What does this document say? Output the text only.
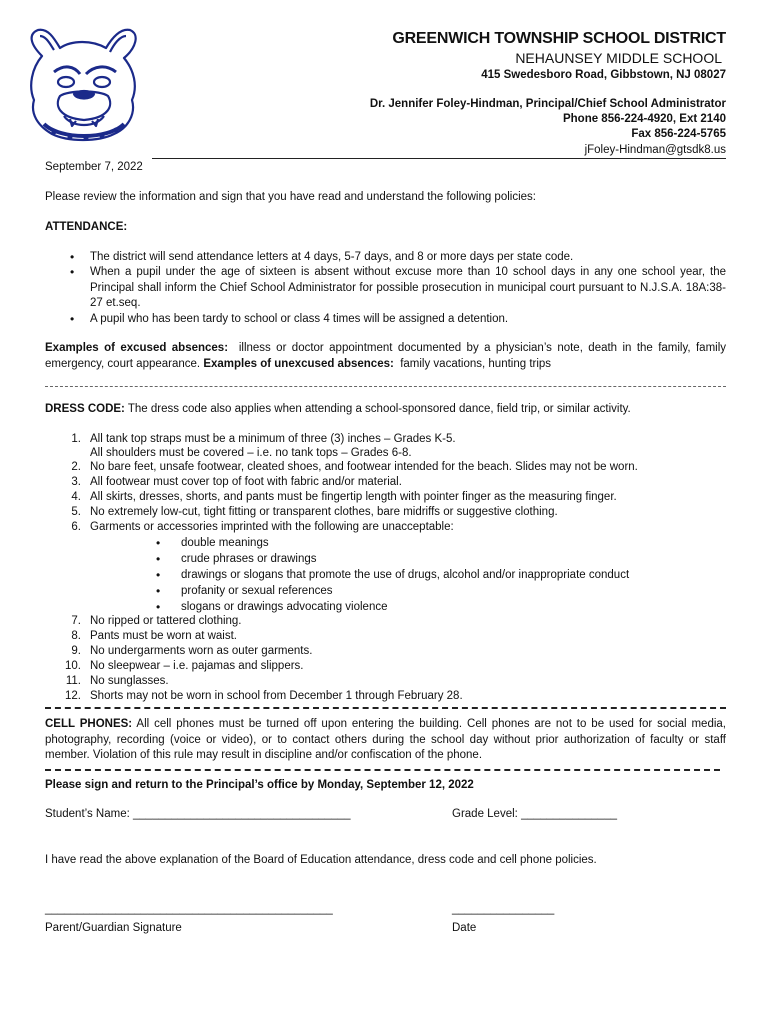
GREENWICH TOWNSHIP SCHOOL DISTRICT
NEHAUNSEY MIDDLE SCHOOL
415 Swedesboro Road, Gibbstown, NJ 08027
Dr. Jennifer Foley-Hindman, Principal/Chief School Administrator
Phone 856-224-4920, Ext 2140
Fax 856-224-5765
jFoley-Hindman@gtsdk8.us
September 7, 2022
Please review the information and sign that you have read and understand the following policies:
ATTENDANCE:
•	The district will send attendance letters at 4 days, 5-7 days, and 8 or more days per state code.
•	When a pupil under the age of sixteen is absent without excuse more than 10 school days in any one school year, the Principal shall inform the Chief School Administrator for possible prosecution in municipal court pursuant to N.J.S.A. 18A:38-27 et.seq.
•	A pupil who has been tardy to school or class 4 times will be assigned a detention.
Examples of excused absences: illness or doctor appointment documented by a physician’s note, death in the family, family emergency, court appearance. Examples of unexcused absences: family vacations, hunting trips
DRESS CODE: The dress code also applies when attending a school-sponsored dance, field trip, or similar activity.
1. All tank top straps must be a minimum of three (3) inches – Grades K-5.
All shoulders must be covered – i.e. no tank tops – Grades 6-8.
2. No bare feet, unsafe footwear, cleated shoes, and footwear intended for the beach. Slides may not be worn.
3. All footwear must cover top of foot with fabric and/or material.
4. All skirts, dresses, shorts, and pants must be fingertip length with pointer finger as the measuring finger.
5. No extremely low-cut, tight fitting or transparent clothes, bare midriffs or suggestive clothing.
6. Garments or accessories imprinted with the following are unacceptable:
•	double meanings
•	crude phrases or drawings
•	drawings or slogans that promote the use of drugs, alcohol and/or inappropriate conduct
•	profanity or sexual references
•	slogans or drawings advocating violence
7. No ripped or tattered clothing.
8. Pants must be worn at waist.
9. No undergarments worn as outer garments.
10. No sleepwear – i.e. pajamas and slippers.
11. No sunglasses.
12. Shorts may not be worn in school from December 1 through February 28.
CELL PHONES: All cell phones must be turned off upon entering the building. Cell phones are not to be used for social media, photography, recording (voice or video), or to contact others during the school day without prior authorization of faculty or staff member. Violation of this rule may result in discipline and/or confiscation of the phone.
Please sign and return to the Principal’s office by Monday, September 12, 2022
Student’s Name: __________________________________	Grade Level: _______________
I have read the above explanation of the Board of Education attendance, dress code and cell phone policies.
_____________________________________________	________________
Parent/Guardian Signature	Date
